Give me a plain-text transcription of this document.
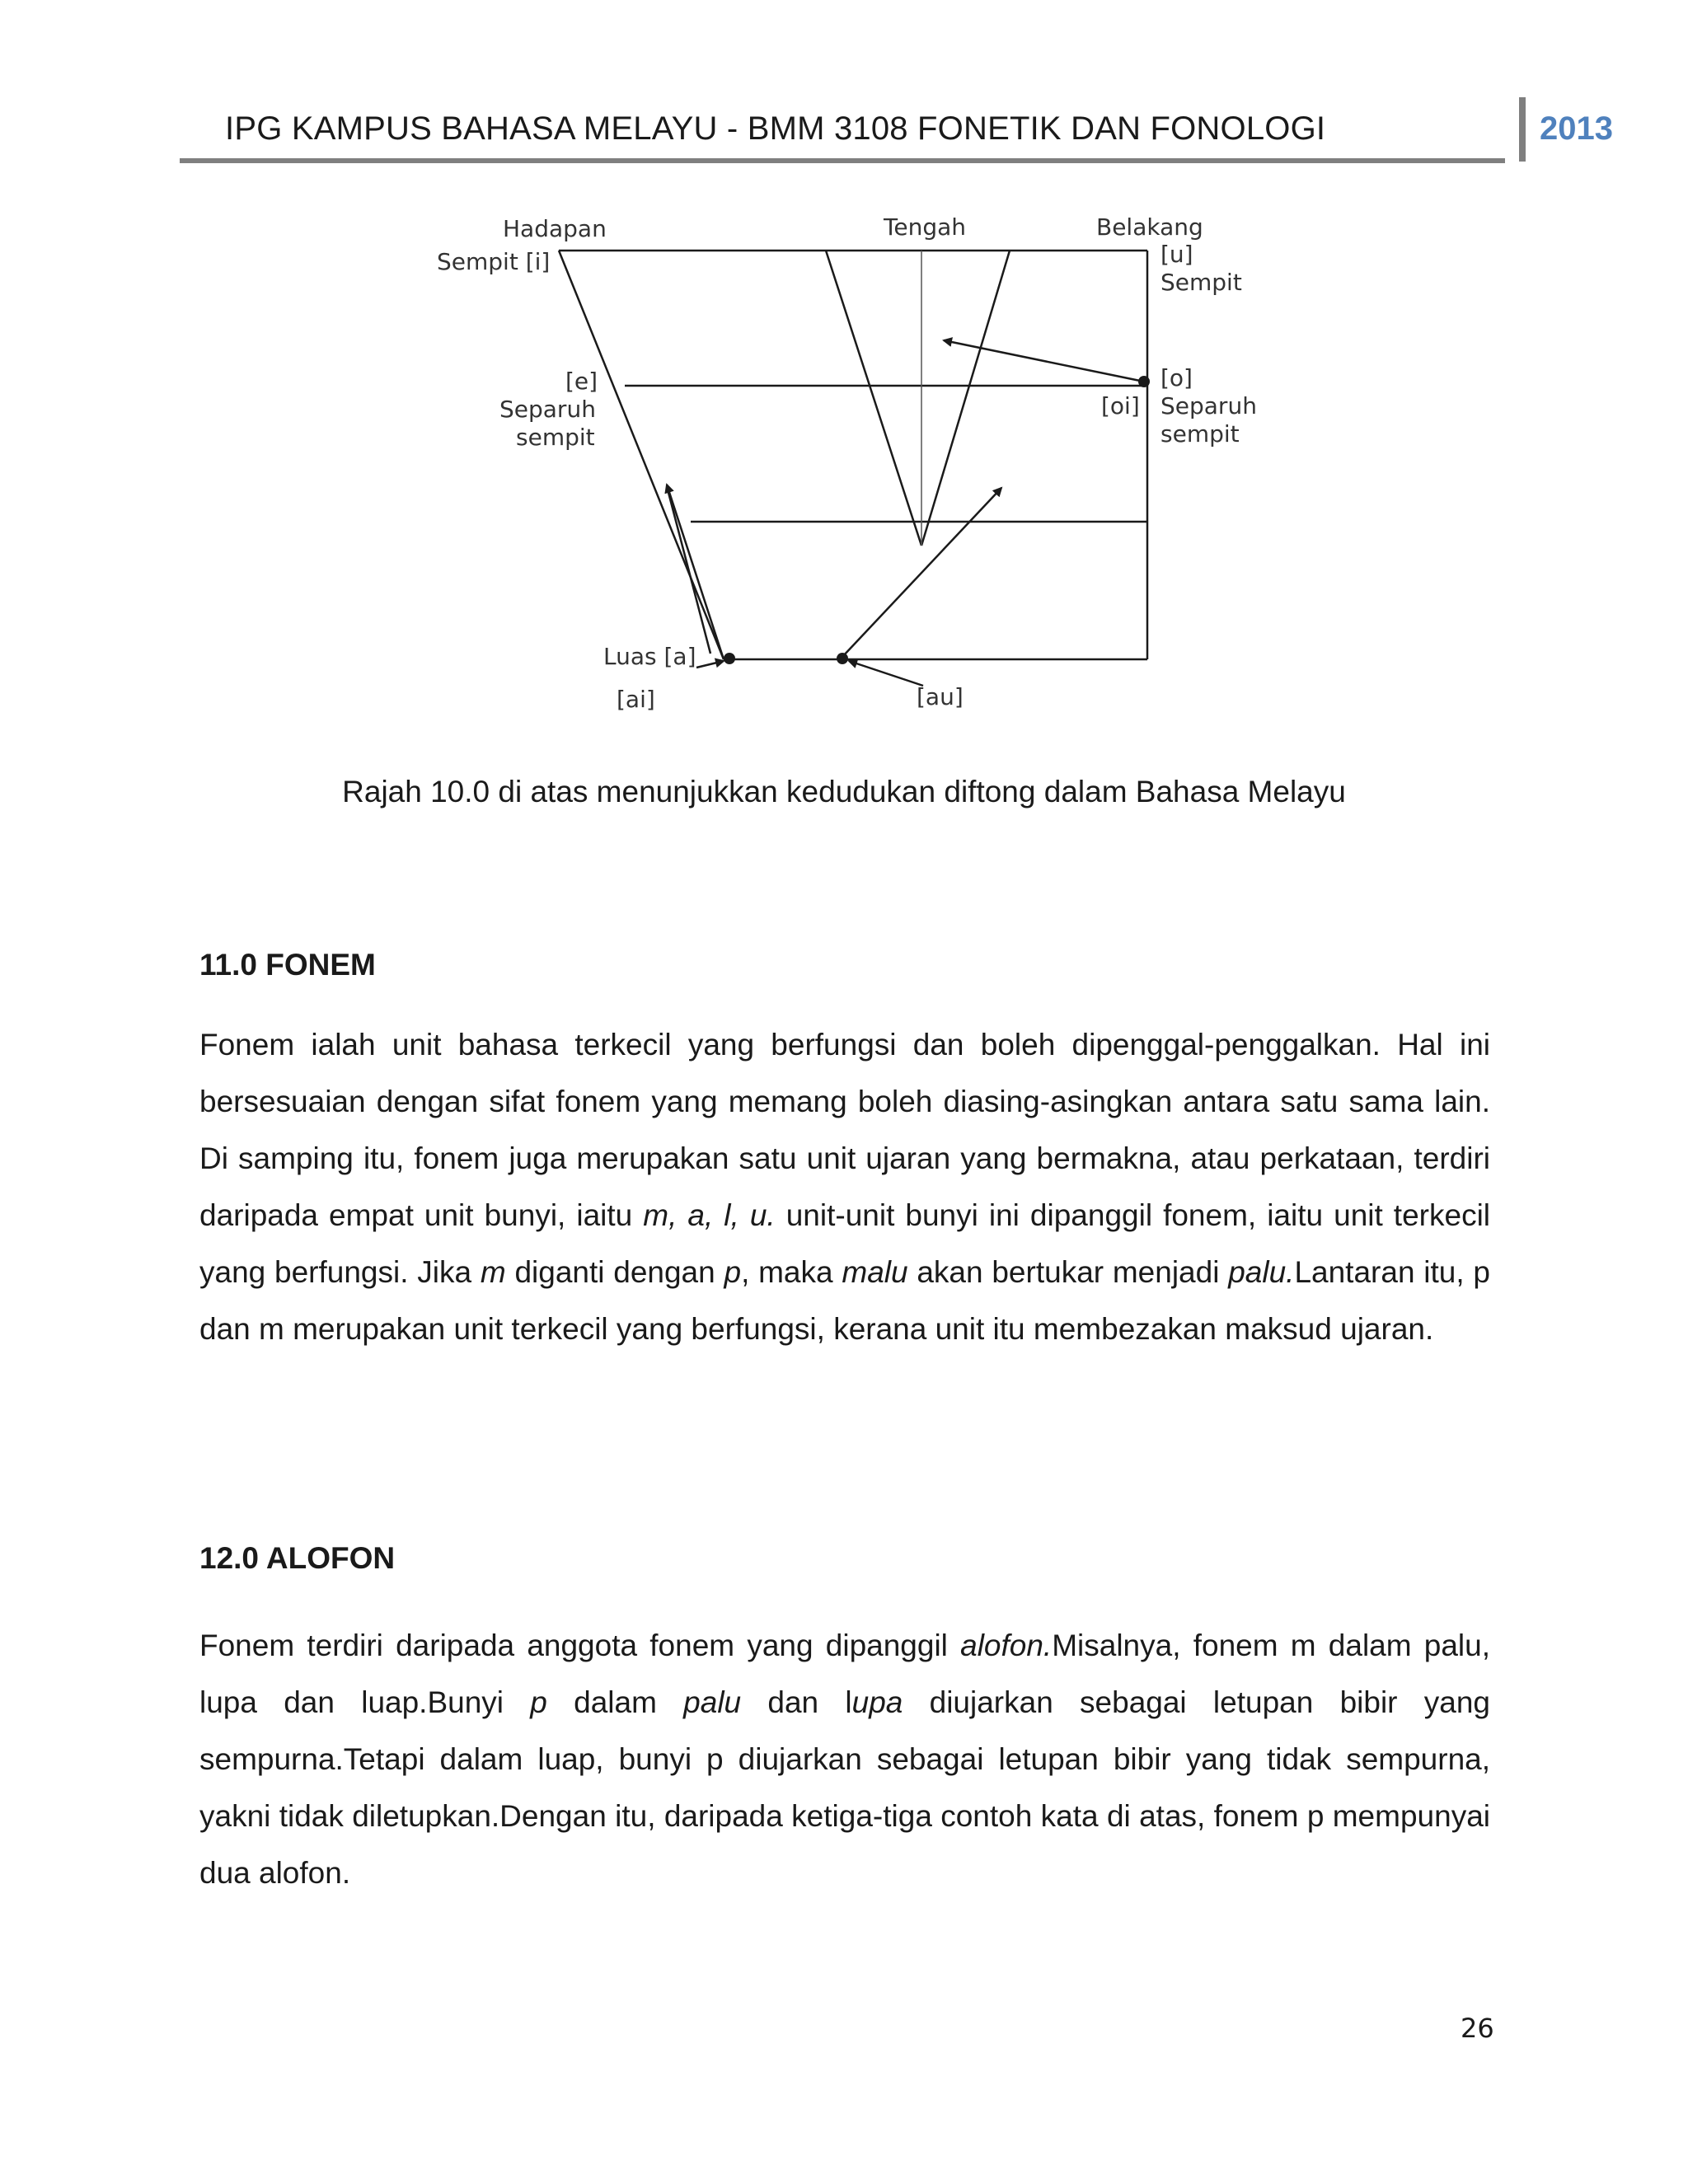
IPG KAMPUS BAHASA MELAYU - BMM 3108 FONETIK DAN FONOLOGI	2013
Hadapan	Tengah	Belakang
Sempit [i]	[u]
Sempit
[e]
Separuh
sempit
[o]
[oi] Separuh
sempit
Luas [a]
[ai]	[au]
Rajah 10.0 di atas menunjukkan kedudukan diftong dalam Bahasa Melayu
11.0 FONEM

Fonem ialah unit bahasa terkecil yang berfungsi dan boleh dipenggal-penggalkan. Hal ini bersesuaian dengan sifat fonem yang memang boleh diasing-asingkan antara satu sama lain. Di samping itu, fonem juga merupakan satu unit ujaran yang bermakna, atau perkataan, terdiri daripada empat unit bunyi, iaitu m, a, l, u. unit-unit bunyi ini dipanggil fonem, iaitu unit terkecil yang berfungsi. Jika m diganti dengan p, maka malu akan bertukar menjadi palu.Lantaran itu, p dan m merupakan unit terkecil yang berfungsi, kerana unit itu membezakan maksud ujaran.

12.0 ALOFON

Fonem terdiri daripada anggota fonem yang dipanggil alofon.Misalnya, fonem m dalam palu, lupa dan luap.Bunyi p dalam palu dan lupa diujarkan sebagai letupan bibir yang sempurna.Tetapi dalam luap, bunyi p diujarkan sebagai letupan bibir yang tidak sempurna, yakni tidak diletupkan.Dengan itu, daripada ketiga-tiga contoh kata di atas, fonem p mempunyai dua alofon.

26
